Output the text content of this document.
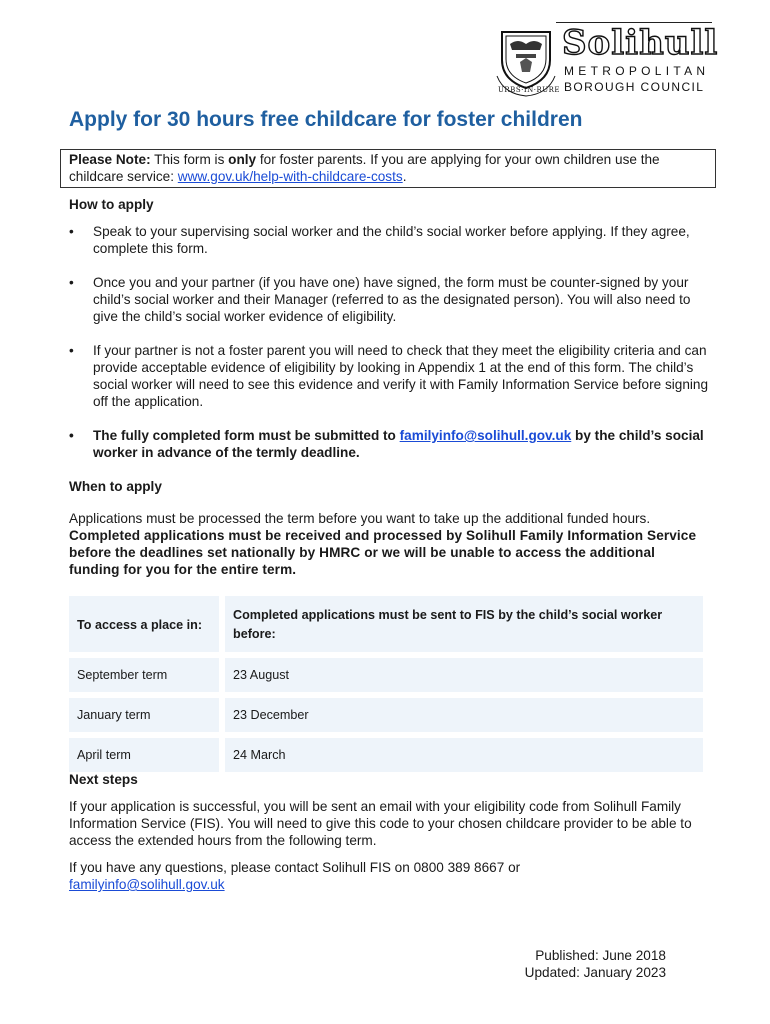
Solihull
METROPOLITAN
BOROUGH COUNCIL
URBS·IN·RURE
Apply for 30 hours free childcare for foster children
Please Note: This form is only for foster parents. If you are applying for your own children use the childcare service: www.gov.uk/help-with-childcare-costs.
How to apply
• Speak to your supervising social worker and the child’s social worker before applying. If they agree, complete this form.
• Once you and your partner (if you have one) have signed, the form must be counter-signed by your child’s social worker and their Manager (referred to as the designated person). You will also need to give the child’s social worker evidence of eligibility.
• If your partner is not a foster parent you will need to check that they meet the eligibility criteria and can provide acceptable evidence of eligibility by looking in Appendix 1 at the end of this form. The child’s social worker will need to see this evidence and verify it with Family Information Service before signing off the application.
• The fully completed form must be submitted to familyinfo@solihull.gov.uk by the child’s social worker in advance of the termly deadline.
When to apply

Applications must be processed the term before you want to take up the additional funded hours. Completed applications must be received and processed by Solihull Family Information Service before the deadlines set nationally by HMRC or we will be unable to access the additional funding for you for the entire term.

To access a place in:	Completed applications must be sent to FIS by the child’s social worker before:
September term	23 August
January term	23 December
April term	24 March
Next steps

If your application is successful, you will be sent an email with your eligibility code from Solihull Family Information Service (FIS). You will need to give this code to your chosen childcare provider to be able to access the extended hours from the following term.

If you have any questions, please contact Solihull FIS on 0800 389 8667 or
familyinfo@solihull.gov.uk

Published: June 2018
Updated: January 2023
